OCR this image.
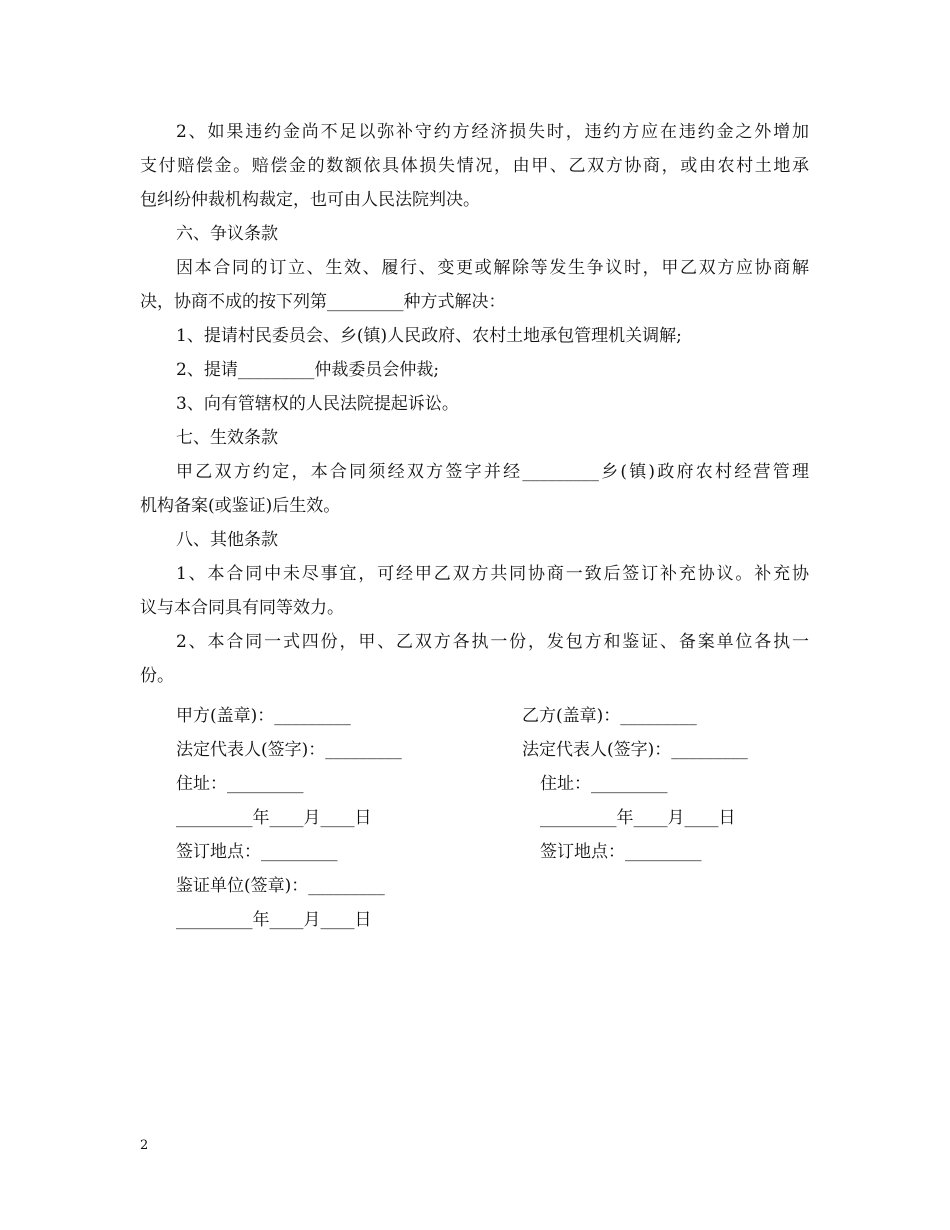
2、如果违约金尚不足以弥补守约方经济损失时，违约方应在违约金之外增加
支付赔偿金。赔偿金的数额依具体损失情况，由甲、乙双方协商，或由农村土地承
包纠纷仲裁机构裁定，也可由人民法院判决。
六、争议条款
因本合同的订立、生效、履行、变更或解除等发生争议时，甲乙双方应协商解
决，协商不成的按下列第_________种方式解决：
1、提请村民委员会、乡(镇)人民政府、农村土地承包管理机关调解;
2、提请_________仲裁委员会仲裁;
3、向有管辖权的人民法院提起诉讼。
七、生效条款
甲乙双方约定，本合同须经双方签字并经_________乡(镇)政府农村经营管理
机构备案(或鉴证)后生效。
八、其他条款
1、本合同中未尽事宜，可经甲乙双方共同协商一致后签订补充协议。补充协
议与本合同具有同等效力。
2、本合同一式四份，甲、乙双方各执一份，发包方和鉴证、备案单位各执一
份。
甲方(盖章)：_________
法定代表人(签字)：_________
住址：_________
_________年____月____日
签订地点：_________
鉴证单位(签章)：_________
_________年____月____日
乙方(盖章)：_________
法定代表人(签字)：_________
住址：_________
_________年____月____日
签订地点：_________
2
